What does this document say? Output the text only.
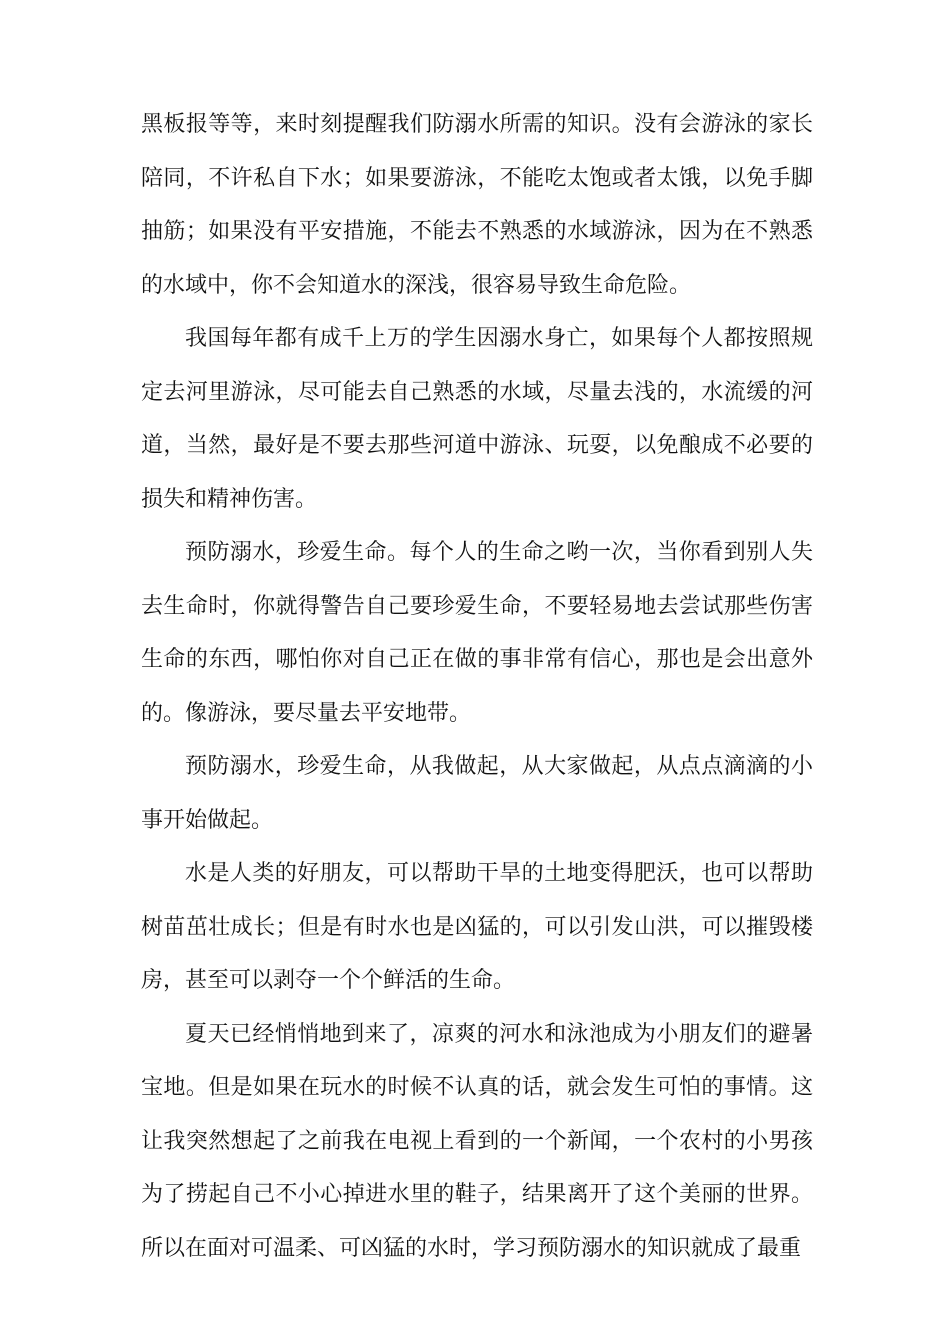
黑板报等等，来时刻提醒我们防溺水所需的知识。没有会游泳的家长陪同，不许私自下水；如果要游泳，不能吃太饱或者太饿，以免手脚抽筋；如果没有平安措施，不能去不熟悉的水域游泳，因为在不熟悉的水域中，你不会知道水的深浅，很容易导致生命危险。

我国每年都有成千上万的学生因溺水身亡，如果每个人都按照规定去河里游泳，尽可能去自己熟悉的水域，尽量去浅的，水流缓的河道，当然，最好是不要去那些河道中游泳、玩耍，以免酿成不必要的损失和精神伤害。

预防溺水，珍爱生命。每个人的生命之哟一次，当你看到别人失去生命时，你就得警告自己要珍爱生命，不要轻易地去尝试那些伤害生命的东西，哪怕你对自己正在做的事非常有信心，那也是会出意外的。像游泳，要尽量去平安地带。

预防溺水，珍爱生命，从我做起，从大家做起，从点点滴滴的小事开始做起。

水是人类的好朋友，可以帮助干旱的土地变得肥沃，也可以帮助树苗茁壮成长；但是有时水也是凶猛的，可以引发山洪，可以摧毁楼房，甚至可以剥夺一个个鲜活的生命。

夏天已经悄悄地到来了，凉爽的河水和泳池成为小朋友们的避暑宝地。但是如果在玩水的时候不认真的话，就会发生可怕的事情。这让我突然想起了之前我在电视上看到的一个新闻，一个农村的小男孩为了捞起自己不小心掉进水里的鞋子，结果离开了这个美丽的世界。所以在面对可温柔、可凶猛的水时，学习预防溺水的知识就成了最重
